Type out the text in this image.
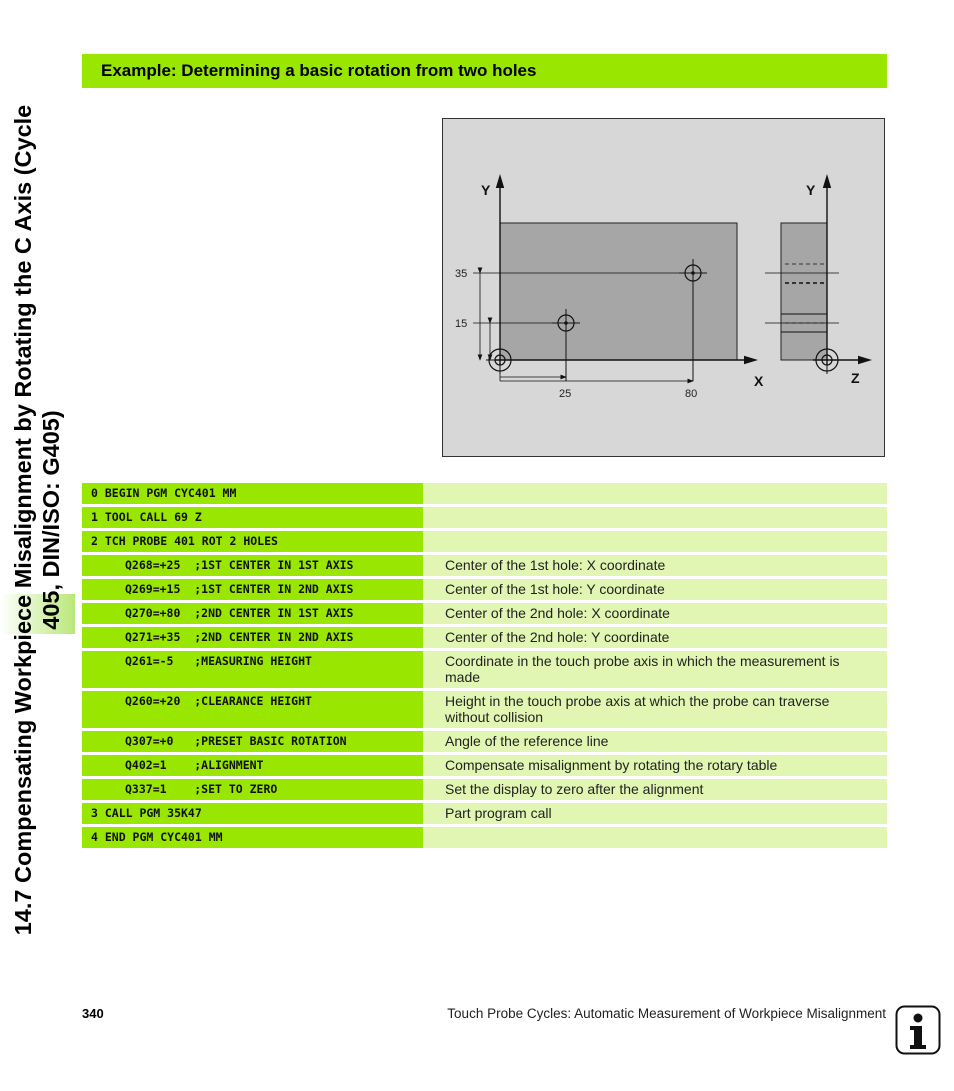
14.7 Compensating Workpiece Misalignment by Rotating the C Axis (Cycle 405, DIN/ISO: G405)
Example: Determining a basic rotation from two holes
Y	Y
X	Z
35
15
25	80
0 BEGIN PGM CYC401 MM
1 TOOL CALL 69 Z
2 TCH PROBE 401 ROT 2 HOLES
Q268=+25  ;1ST CENTER IN 1ST AXIS	Center of the 1st hole: X coordinate
Q269=+15  ;1ST CENTER IN 2ND AXIS	Center of the 1st hole: Y coordinate
Q270=+80  ;2ND CENTER IN 1ST AXIS	Center of the 2nd hole: X coordinate
Q271=+35  ;2ND CENTER IN 2ND AXIS	Center of the 2nd hole: Y coordinate
Q261=-5   ;MEASURING HEIGHT	Coordinate in the touch probe axis in which the measurement is made
Q260=+20  ;CLEARANCE HEIGHT	Height in the touch probe axis at which the probe can traverse without collision
Q307=+0   ;PRESET BASIC ROTATION	Angle of the reference line
Q402=1    ;ALIGNMENT	Compensate misalignment by rotating the rotary table
Q337=1    ;SET TO ZERO	Set the display to zero after the alignment
3 CALL PGM 35K47	Part program call
4 END PGM CYC401 MM
340	Touch Probe Cycles: Automatic Measurement of Workpiece Misalignment
